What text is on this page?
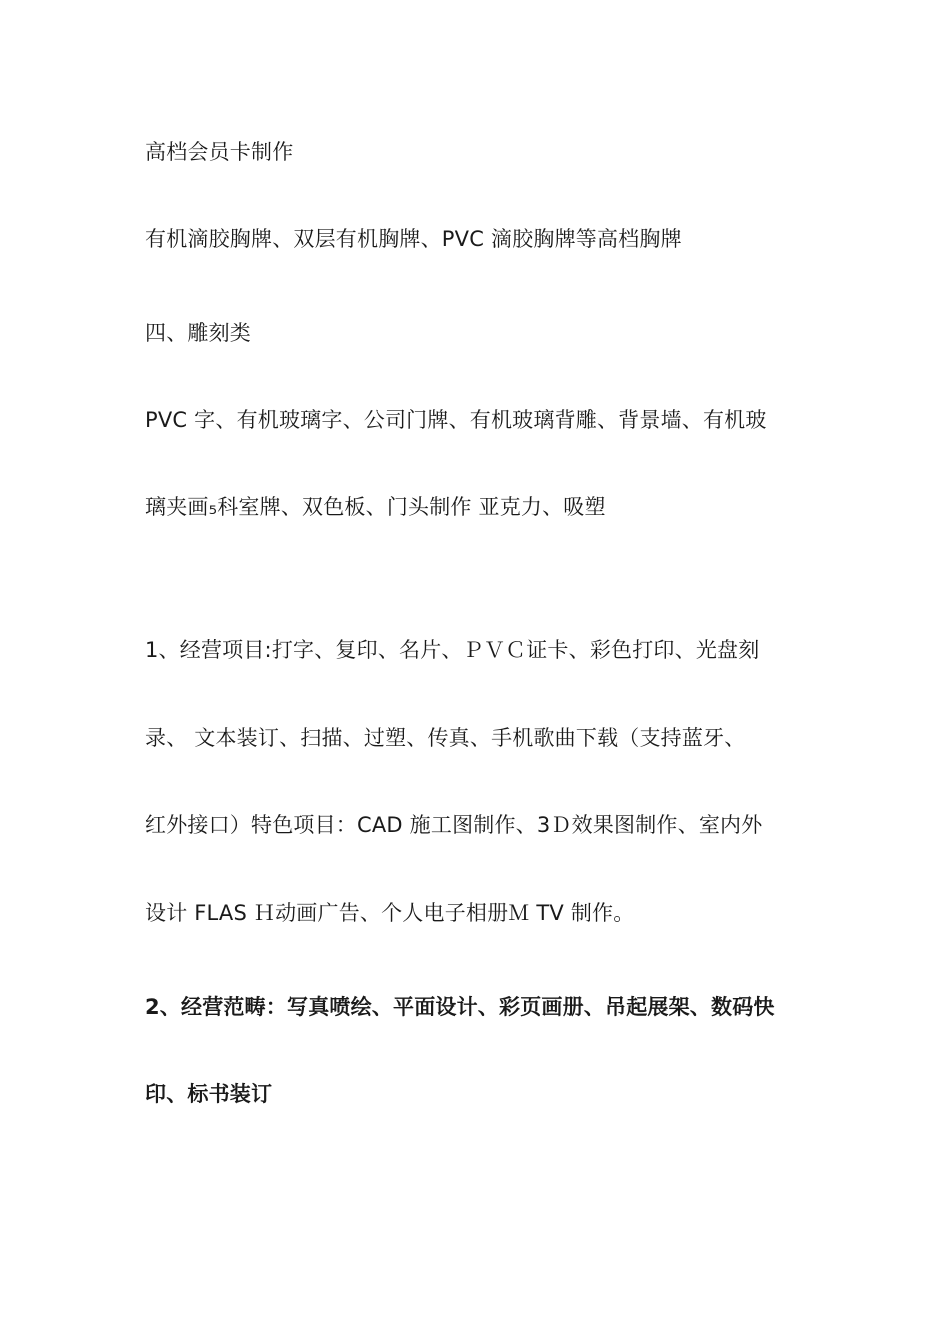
高档会员卡制作
有机滴胶胸牌、双层有机胸牌、PVC 滴胶胸牌等高档胸牌
四、雕刻类
PVC 字、有机玻璃字、公司门牌、有机玻璃背雕、背景墙、有机玻
璃夹画₅科室牌、双色板、门头制作 亚克力、吸塑
1、经营项目:打字、复印、名片、ＰＶＣ证卡、彩色打印、光盘刻
录、 文本装订、扫描、过塑、传真、手机歌曲下载（支持蓝牙、
红外接口）特色项目：CAD 施工图制作、3Ｄ效果图制作、室内外
设计 FLAS Ｈ动画广告、个人电子相册Ｍ TV 制作。
2、经营范畴：写真喷绘、平面设计、彩页画册、吊起展架、数码快
印、标书装订
